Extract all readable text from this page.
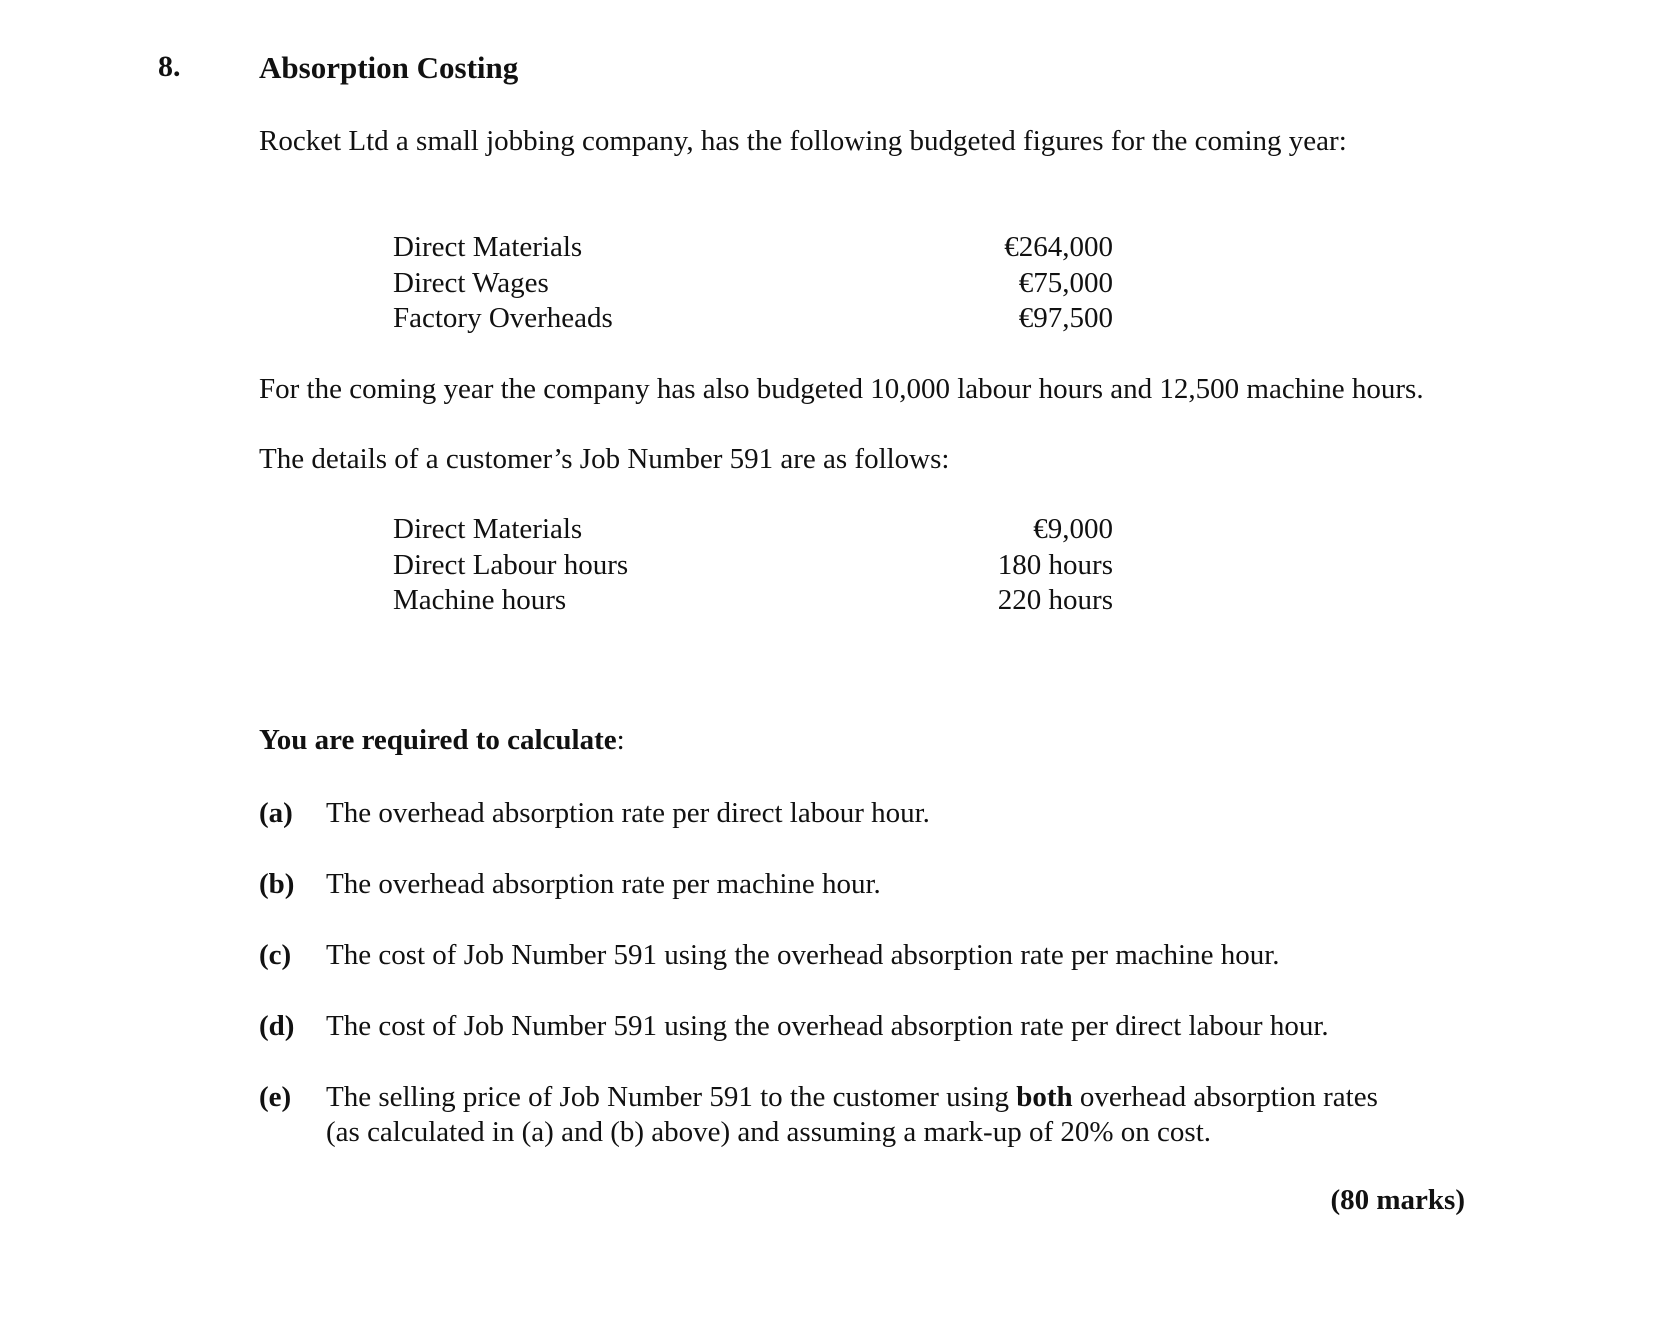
8.	Absorption Costing
Rocket Ltd a small jobbing company, has the following budgeted figures for the coming year:
Direct Materials	€264,000
Direct Wages	€75,000
Factory Overheads	€97,500
For the coming year the company has also budgeted 10,000 labour hours and 12,500 machine hours.
The details of a customer’s Job Number 591 are as follows:
Direct Materials	€9,000
Direct Labour hours	180 hours
Machine hours	220 hours
You are required to calculate:
(a)	The overhead absorption rate per direct labour hour.
(b)	The overhead absorption rate per machine hour.
(c)	The cost of Job Number 591 using the overhead absorption rate per machine hour.
(d)	The cost of Job Number 591 using the overhead absorption rate per direct labour hour.
(e)	The selling price of Job Number 591 to the customer using both overhead absorption rates
(as calculated in (a) and (b) above) and assuming a mark-up of 20% on cost.
(80 marks)
